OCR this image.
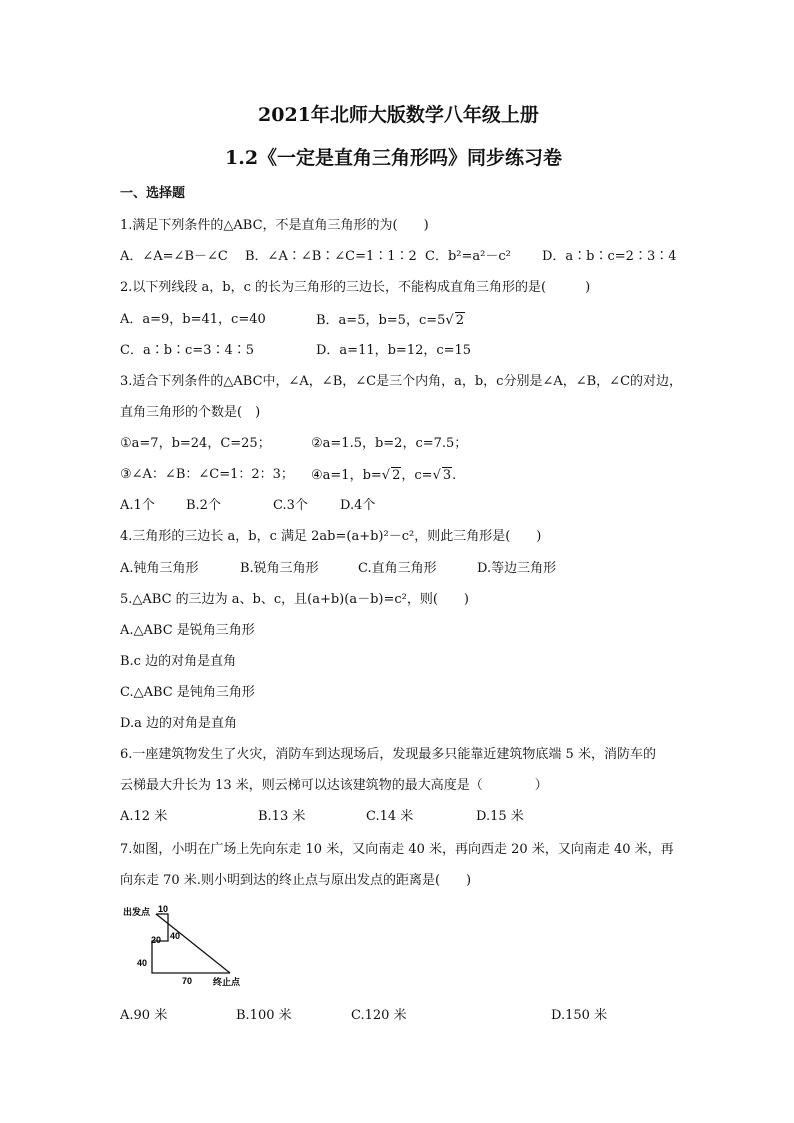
2021年北师大版数学八年级上册
1.2《一定是直角三角形吗》同步练习卷
一、选择题
1.满足下列条件的△ABC，不是直角三角形的为(　　)
A．∠A=∠B－∠C B．∠A∶∠B∶∠C=1∶1∶2 C．b²=a²－c² D．a∶b∶c=2∶3∶4
2.以下列线段 a，b，c 的长为三角形的三边长，不能构成直角三角形的是(　　　)
A．a=9，b=41，c=40	B．a=5，b=5，c=5√ 2
C．a∶b∶c=3∶4∶5	D．a=11，b=12，c=15
3.适合下列条件的△ABC中，∠A，∠B，∠C是三个内角，a，b，c分别是∠A，∠B，∠C的对边，
直角三角形的个数是(　)
①a=7，b=24，C=25；	②a=1.5，b=2，c=7.5；
③∠A：∠B：∠C=1：2：3； ④a=1，b=√ 2，c=√ 3.
A.1个 B.2个	C.3个 D.4个
4.三角形的三边长 a，b，c 满足 2ab=(a+b)²－c²，则此三角形是(　　)
A.钝角三角形	B.锐角三角形	C.直角三角形	D.等边三角形
5.△ABC 的三边为 a、b、c，且(a+b)(a－b)=c²，则(　　)
A.△ABC 是锐角三角形
B.c 边的对角是直角
C.△ABC 是钝角三角形
D.a 边的对角是直角
6.一座建筑物发生了火灾，消防车到达现场后，发现最多只能靠近建筑物底端 5 米，消防车的
云梯最大升长为 13 米，则云梯可以达该建筑物的最大高度是（　　　　）
A.12 米	B.13 米	C.14 米	D.15 米
7.如图，小明在广场上先向东走 10 米，又向南走 40 米，再向西走 20 米，又向南走 40 米，再
向东走 70 米.则小明到达的终止点与原出发点的距离是(　　)
出发点 10
20 40
40
70 终止点
A.90 米	B.100 米	C.120 米	D.150 米
